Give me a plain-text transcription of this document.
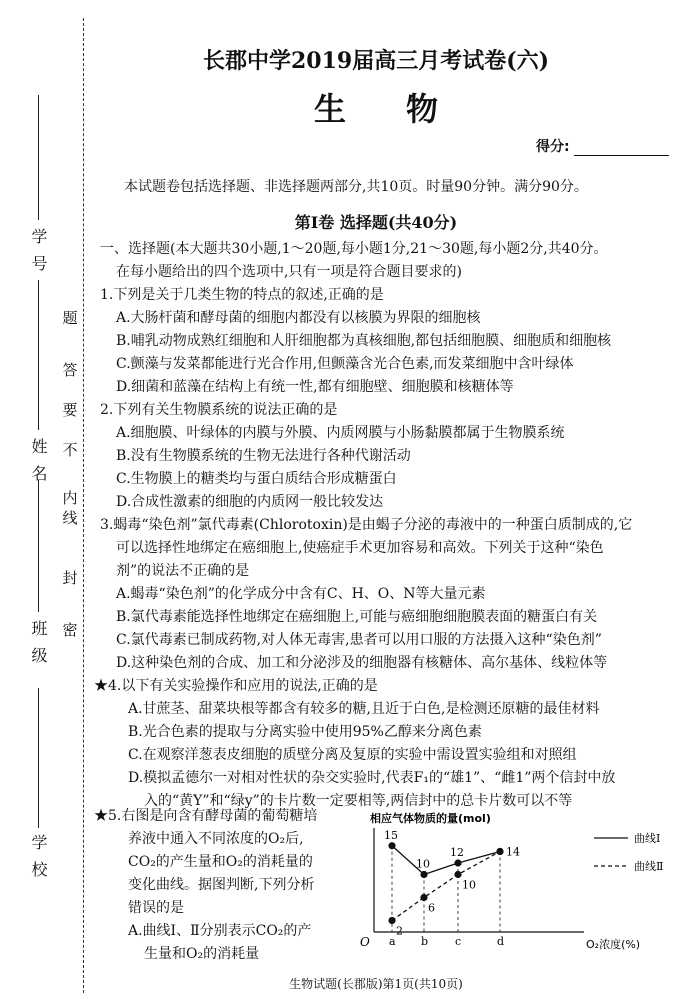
学 号
姓 名
班 级
学 校
密
封
线
内
不
要
答
题
长郡中学2019届高三月考试卷(六)
生物
得分:
本试题卷包括选择题、非选择题两部分,共10页。时量90分钟。满分90分。
第Ⅰ卷 选择题(共40分)
一、选择题(本大题共30小题,1～20题,每小题1分,21～30题,每小题2分,共40分。
在每小题给出的四个选项中,只有一项是符合题目要求的)
1.下列是关于几类生物的特点的叙述,正确的是
A.大肠杆菌和酵母菌的细胞内都没有以核膜为界限的细胞核
B.哺乳动物成熟红细胞和人肝细胞都为真核细胞,都包括细胞膜、细胞质和细胞核
C.颤藻与发菜都能进行光合作用,但颤藻含光合色素,而发菜细胞中含叶绿体
D.细菌和蓝藻在结构上有统一性,都有细胞壁、细胞膜和核糖体等
2.下列有关生物膜系统的说法正确的是
A.细胞膜、叶绿体的内膜与外膜、内质网膜与小肠黏膜都属于生物膜系统
B.没有生物膜系统的生物无法进行各种代谢活动
C.生物膜上的糖类均与蛋白质结合形成糖蛋白
D.合成性激素的细胞的内质网一般比较发达
3.蝎毒“染色剂”氯代毒素(Chlorotoxin)是由蝎子分泌的毒液中的一种蛋白质制成的,它
可以选择性地绑定在癌细胞上,使癌症手术更加容易和高效。下列关于这种“染色
剂”的说法不正确的是
A.蝎毒“染色剂”的化学成分中含有C、H、O、N等大量元素
B.氯代毒素能选择性地绑定在癌细胞上,可能与癌细胞细胞膜表面的糖蛋白有关
C.氯代毒素已制成药物,对人体无毒害,患者可以用口服的方法摄入这种“染色剂”
D.这种染色剂的合成、加工和分泌涉及的细胞器有核糖体、高尔基体、线粒体等
★4.以下有关实验操作和应用的说法,正确的是
A.甘蔗茎、甜菜块根等都含有较多的糖,且近于白色,是检测还原糖的最佳材料
B.光合色素的提取与分离实验中使用95%乙醇来分离色素
C.在观察洋葱表皮细胞的质壁分离及复原的实验中需设置实验组和对照组
D.模拟孟德尔一对相对性状的杂交实验时,代表F₁的“雄1”、“雌1”两个信封中放
入的“黄Y”和“绿y”的卡片数一定要相等,两信封中的总卡片数可以不等
★5.右图是向含有酵母菌的葡萄糖培
养液中通入不同浓度的O₂后,
CO₂的产生量和O₂的消耗量的
变化曲线。据图判断,下列分析
错误的是
A.曲线Ⅰ、Ⅱ分别表示CO₂的产
生量和O₂的消耗量
相应气体物质的量(mol)
O	O₂浓度(%)
a b c	d
15
10
12	14
2
6
10
曲线Ⅰ
曲线Ⅱ
生物试题(长郡版)第1页(共10页)
